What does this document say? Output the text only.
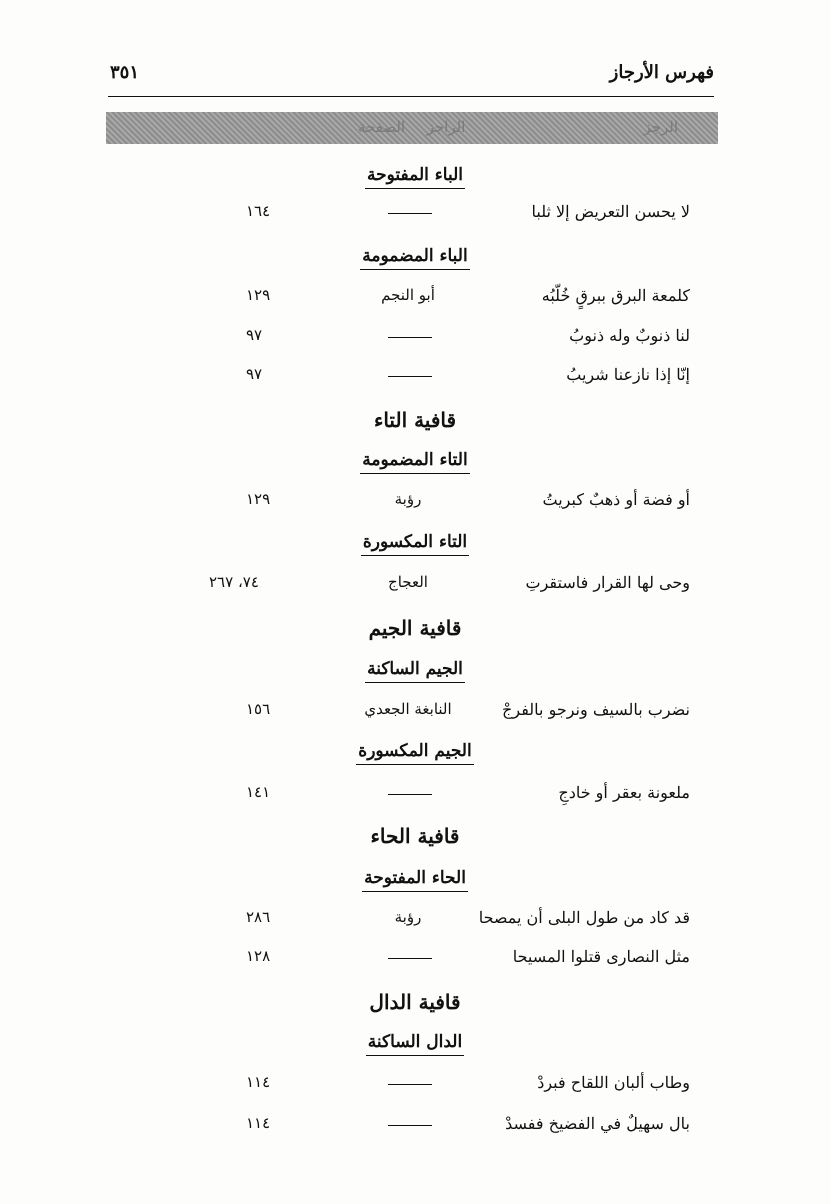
فهرس الأرجاز
٣٥١
الرجز
الراجز
الصفحة
الباء المفتوحة
لا يحسن التعريض إلا ثلبا
١٦٤
الباء المضمومة
كلمعة البرق ببرقٍ خُلّبُه
أبو النجم
١٢٩
لنا ذنوبٌ وله ذنوبُ
٩٧
إنّا إذا نازعنا شريبُ
٩٧
قافية التاء
التاء المضمومة
أو فضة أو ذهبٌ كبريتُ
رؤبة
١٢٩
التاء المكسورة
وحى لها القرار فاستقرتِ
العجاج
٧٤، ٢٦٧
قافية الجيم
الجيم الساكنة
نضرب بالسيف ونرجو بالفرجْ
النابغة الجعدي
١٥٦
الجيم المكسورة
ملعونة بعقر أو خادجِ
١٤١
قافية الحاء
الحاء المفتوحة
قد كاد من طول البلى أن يمصحا
رؤبة
٢٨٦
مثل النصارى قتلوا المسيحا
١٢٨
قافية الدال
الدال الساكنة
وطاب ألبان اللقاح فبردْ
١١٤
بال سهيلٌ في الفضيخ ففسدْ
١١٤
